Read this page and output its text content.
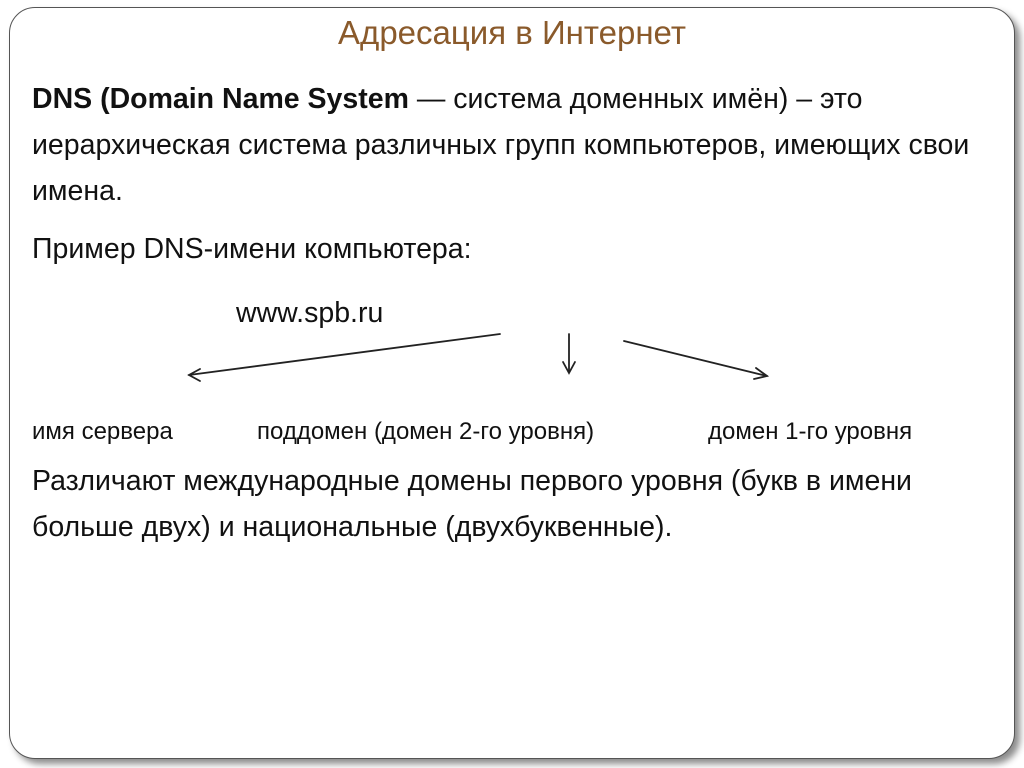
Адресация в Интернет

DNS (Domain Name System — система доменных имён) – это иерархическая система различных групп компьютеров, имеющих свои имена.

Пример DNS-имени компьютера:

www.spb.ru
имя сервера	поддомен (домен 2-го уровня)	домен 1-го уровня

Различают международные домены первого уровня (букв в имени больше двух) и национальные (двухбуквенные).
